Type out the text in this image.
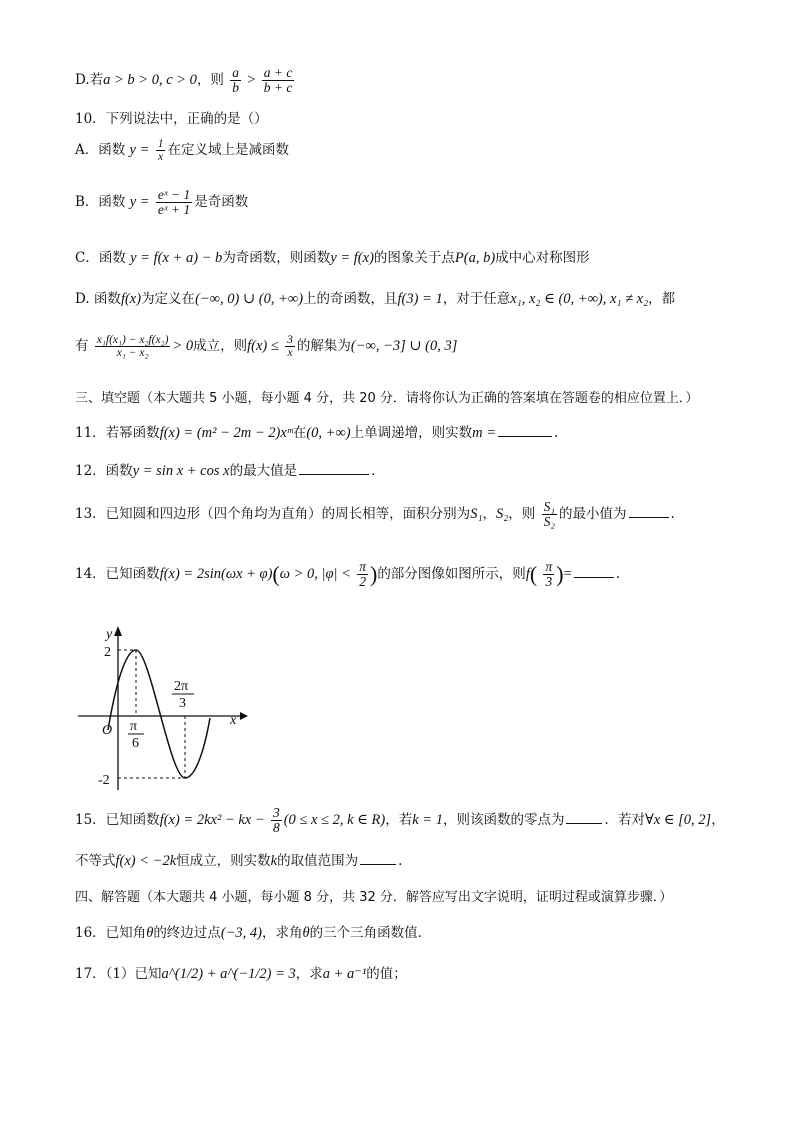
D.若a > b > 0, c > 0，则 $\frac{a}{b} > \frac{a + c}{b + c}$
10．下列说法中，正确的是（）
A．函数 $y = \frac{1}{x}$ 在定义域上是减函数
B．函数 $y = \frac{\text{eˣ − 1}}{\text{eˣ + 1}}$ 是奇函数
C．函数 y = f(x + a) − b为奇函数，则函数y = f(x)的图象关于点P(a, b)成中心对称图形
D. 函数f(x)为定义在(−∞, 0) ∪ (0, +∞)上的奇函数，且f(3) = 1，对于任意x₁, x₂ ∈ (0, +∞), x₁ ≠ x₂，都
有 $\frac{\text{x₁f(x₁) − x₂f(x₂)}}{\text{x₁ − x₂}} > 0$成立，则$f(x) \le \frac{3}{x}$ 的解集为(−∞, −3] ∪ (0, 3]
三、填空题（本大题共 5 小题，每小题 4 分，共 20 分．请将你认为正确的答案填在答题卷的相应位置上．）
11．若幂函数f(x) = (m² − 2m − 2)xᵐ在(0, +∞)上单调递增，则实数m =	.
12．函数y = sin x + cos x的最大值是	.
13．已知圆和四边形（四个角均为直角）的周长相等，面积分别为S₁，S₂，则 $\frac{\text{S₁}}{\text{S₂}}$ 的最小值为	.
14．已知函数f(x) = 2sin(ωx + φ)(ω > 0, $|\varphi| < \frac{\pi}{2}$ )的部分图像如图所示，则$f( \frac{\pi}{3}$ )=	.
y
x
O
2
-2
π
6
2π
3
15．已知函数f(x) = 2kx² − kx − $\frac{3}{8} (0 \le x \le 2$, k ∈ R)，若k = 1，则该函数的零点为	．若对∀x ∈ [0, 2]，
不等式f(x) < −2k恒成立，则实数k的取值范围为	.
四、解答题（本大题共 4 小题，每小题 8 分，共 32 分．解答应写出文字说明，证明过程或演算步骤．）
16．已知角θ的终边过点(−3, 4)，求角θ的三个三角函数值．
17．（1）已知a^(1/2) + a^(−1/2) = 3，求a + a⁻¹的值；
